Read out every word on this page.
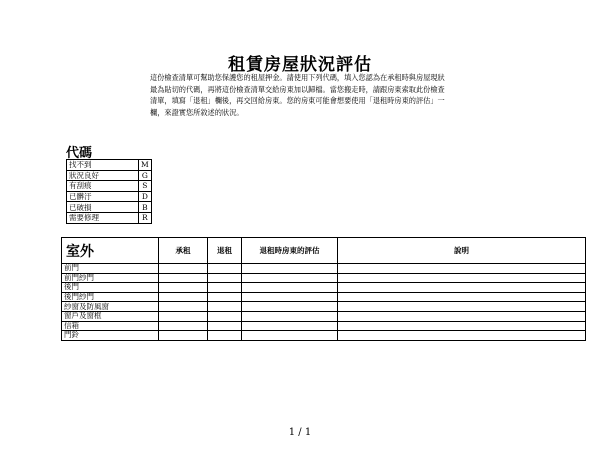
租賃房屋狀況評估
這份檢查清單可幫助您保護您的租屋押金。請使用下列代碼，填入您認為在承租時與房屋現狀最為貼切的代碼，再將這份檢查清單交給房東加以歸檔。當您搬走時，請跟房東索取此份檢查清單，填寫「退租」欄後，再交回給房東。您的房東可能會想要使用「退租時房東的評估」一欄，來證實您所敘述的狀況。
代碼
找不到	M
狀況良好	G
有刮痕	S
已髒汙	D
已破損	B
需要修理	R
室外	承租	退租	退租時房東的評估	說明
前門				
前門紗門				
後門				
後門紗門				
紗窗及防風窗				
窗戶及窗框				
信箱				
門鈴				
1 / 1
